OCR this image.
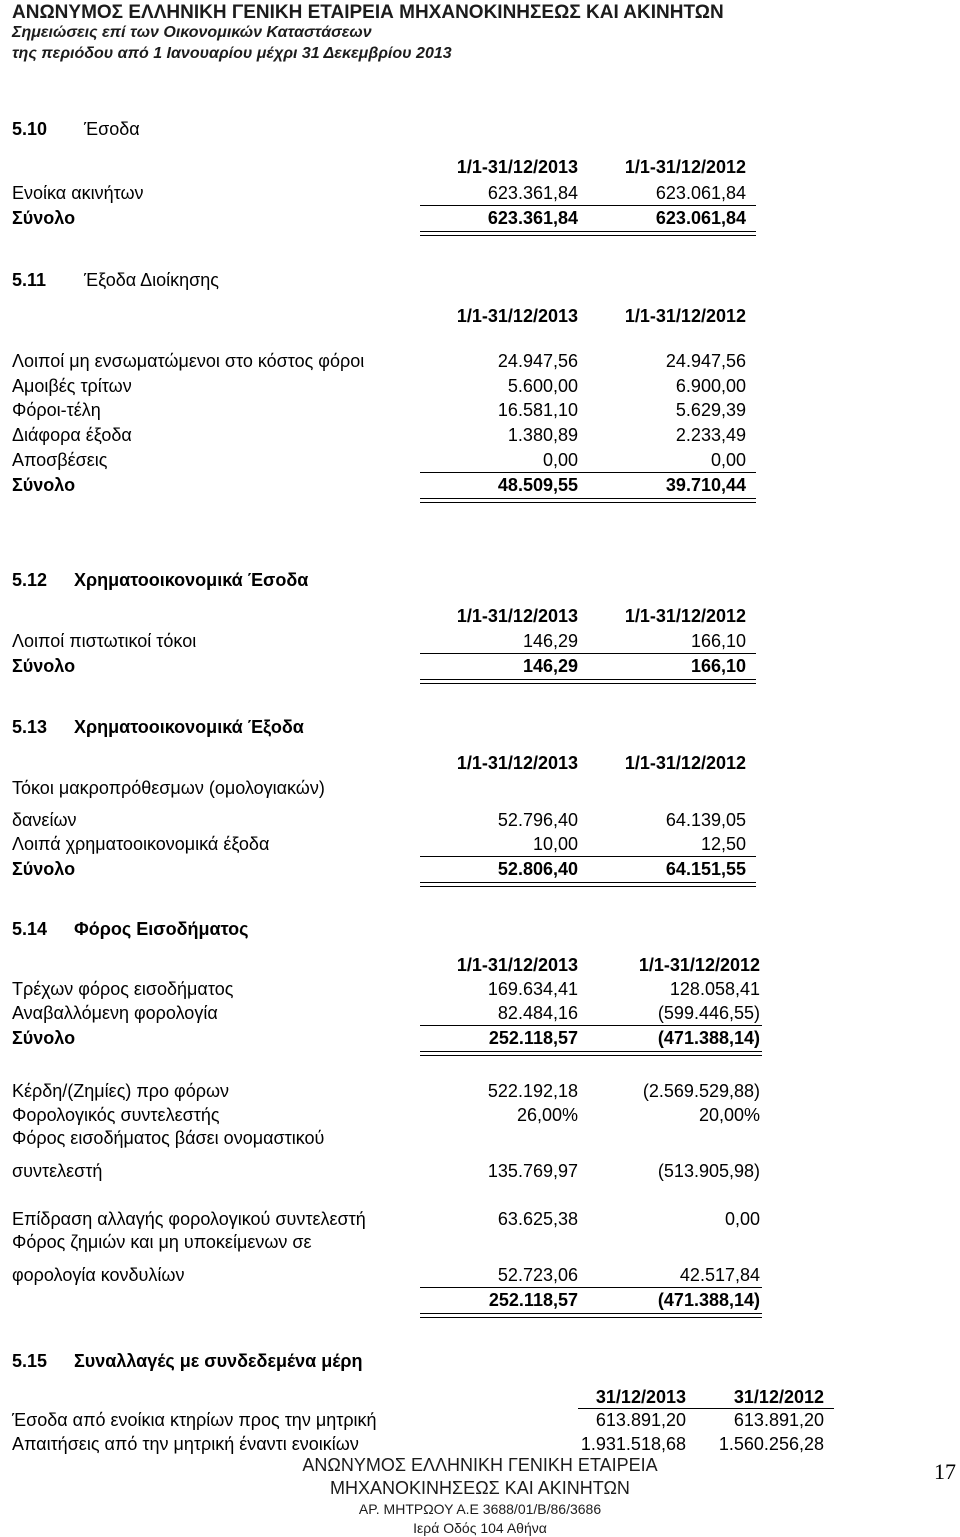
ΑΝΩΝΥΜΟΣ ΕΛΛΗΝΙΚΗ ΓΕΝΙΚΗ ΕΤΑΙΡΕΙΑ ΜΗΧΑΝΟΚΙΝΗΣΕΩΣ ΚΑΙ ΑΚΙΝΗΤΩΝ
Σημειώσεις επί των Οικονομικών Καταστάσεων
της περιόδου από 1 Ιανουαρίου μέχρι 31 Δεκεμβρίου 2013
5.10 Έσοδα
1/1-31/12/2013	1/1-31/12/2012
Ενοίκα ακινήτων	623.361,84	623.061,84
Σύνολο	623.361,84	623.061,84
5.11 Έξοδα Διοίκησης
1/1-31/12/2013	1/1-31/12/2012
Λοιποί μη ενσωματώμενοι στο κόστος φόροι	24.947,56	24.947,56
Αμοιβές τρίτων	5.600,00	6.900,00
Φόροι-τέλη	16.581,10	5.629,39
Διάφορα έξοδα	1.380,89	2.233,49
Αποσβέσεις	0,00	0,00
Σύνολο	48.509,55	39.710,44
5.12 Χρηματοοικονομικά Έσοδα
1/1-31/12/2013	1/1-31/12/2012
Λοιποί πιστωτικοί τόκοι	146,29	166,10
Σύνολο	146,29	166,10
5.13 Χρηματοοικονομικά Έξοδα
1/1-31/12/2013	1/1-31/12/2012
Τόκοι μακροπρόθεσμων (ομολογιακών)
δανείων	52.796,40	64.139,05
Λοιπά χρηματοοικονομικά έξοδα	10,00	12,50
Σύνολο	52.806,40	64.151,55
5.14 Φόρος Εισοδήματος
1/1-31/12/2013	1/1-31/12/2012
Τρέχων φόρος εισοδήματος	169.634,41	128.058,41
Αναβαλλόμενη φορολογία	82.484,16	(599.446,55)
Σύνολο	252.118,57	(471.388,14)
Κέρδη/(Ζημίες) προ φόρων	522.192,18	(2.569.529,88)
Φορολογικός συντελεστής	26,00%	20,00%
Φόρος εισοδήματος βάσει ονομαστικού
συντελεστή	135.769,97	(513.905,98)
Επίδραση αλλαγής φορολογικού συντελεστή	63.625,38	0,00
Φόρος ζημιών και μη υποκείμενων σε
φορολογία κονδυλίων	52.723,06	42.517,84
252.118,57	(471.388,14)
5.15 Συναλλαγές με συνδεδεμένα μέρη
31/12/2013	31/12/2012
Έσοδα από ενοίκια κτηρίων προς την μητρική	613.891,20	613.891,20
Απαιτήσεις από την μητρική έναντι ενοικίων	1.931.518,68	1.560.256,28
ΑΝΩΝΥΜΟΣ ΕΛΛΗΝΙΚΗ ΓΕΝΙΚΗ ΕΤΑΙΡΕΙΑ
ΜΗΧΑΝΟΚΙΝΗΣΕΩΣ ΚΑΙ ΑΚΙΝΗΤΩΝ
ΑΡ. ΜΗΤΡΩΟΥ Α.Ε 3688/01/Β/86/3686
Ιερά Οδός 104 Αθήνα
17
